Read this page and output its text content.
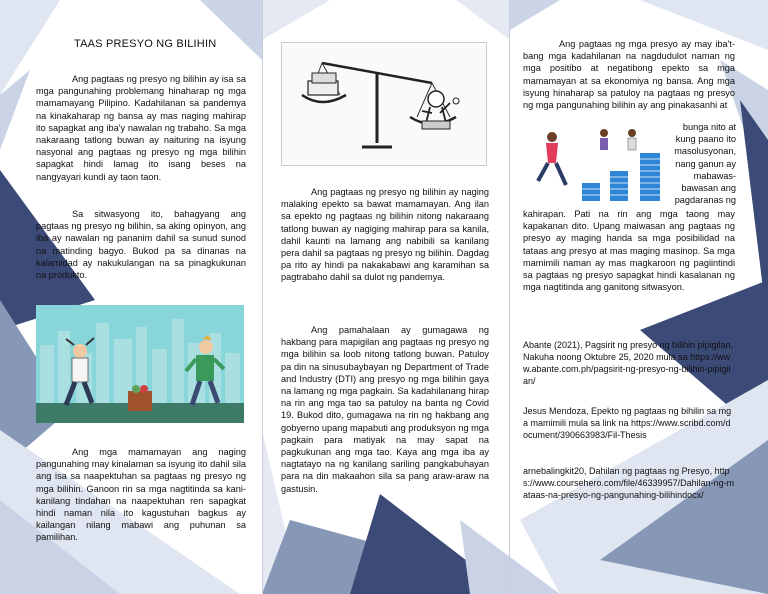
TAAS PRESYO NG BILIHIN

Ang pagtaas ng presyo ng bilihin ay isa sa mga pangunahing problemang hinaharap ng mga mamamayang Pilipino. Kadahilanan sa pandemya na kinakaharap ng bansa ay mas naging mahirap ito sapagkat ang iba'y nawalan ng trabaho. Sa mga nakaraang tatlong buwan ay naituring na isyung nasyonal ang pagtaas ng presyo ng mga bilihin sapagkat hindi lamag ito isang beses na nangyayari kundi ay taon taon.

Sa sitwasyong ito, bahagyang ang pagtaas ng presyo ng bilihin, sa aking opinyon, ang iba ay nawalan ng pananim dahil sa sunud sunod na matinding bagyo. Bukod pa sa dinanas na kalamidad ay nakukulangan na sa pinagkukunan na produkto.

Ang mga mamamayan ang naging pangunahing may kinalaman sa isyung ito dahil sila ang isa sa naapektuhan sa pagtaas ng presyo ng mga bilihin. Ganoon rin sa mga nagtitinda sa kani-kanilang tindahan na naapektuhan ren sapagkat hindi naman nila ito kagustuhan bagkus ay kailangan nilang mabawi ang puhunan sa pamilihan.

Ang pagtaas ng presyo ng bilihin ay naging malaking epekto sa bawat mamamayan. Ang ilan sa epekto ng pagtaas ng bilihin nitong nakaraang tatlong buwan ay nagiging mahirap para sa kanila, dahil kaunti na lamang ang nabibili sa kanilang pera dahil sa pagtaas ng presyo ng bilihin. Dagdag pa rito ay hindi pa nakakabawi ang karamihan sa pagtrabaho dahil sa dulot ng pandemya.

Ang pamahalaan ay gumagawa ng hakbang para mapigilan ang pagtaas ng presyo ng mga bilihin sa loob nitong tatlong buwan. Patuloy pa din na sinusubaybayan ng Department of Trade and Industry (DTI) ang presyo ng mga bilihin gaya na lamang ng mga pagkain. Sa kadahilanang hirap na rin ang mga tao sa patuloy na banta ng Covid 19. Bukod dito, gumagawa na rin ng hakbang ang gobyerno upang mapabuti ang produksyon ng mga pagkain para matiyak na may sapat na pagkukunan ang mga tao. Kaya ang mga iba ay nagtatayo na ng kanilang sariling pangkabuhayan para na din makaahon sila sa pang araw-araw na gastusin.

Ang pagtaas ng mga presyo ay may iba't-bang mga kadahilanan na nagdudulot naman ng mga positibo at negatibong epekto sa mga mamamayan at sa ekonomiya ng bansa. Ang mga isyung hinaharap sa patuloy na pagtaas ng presyo ng mga pangunahing bilihin ay ang pinakasanhi at

bunga nito at
kung paano ito
masolusyonan,
nang ganun ay
mabawas-
bawasan ang
pagdaranas ng

kahirapan. Pati na rin ang mga taong may kapakanan dito. Upang maiwasan ang pagtaas ng presyo ay maging handa sa mga posibilidad na tataas ang presyo at mas maging masinop. Sa mga mamimili naman ay mas magkaroon ng pagiintindi sa pagtaas ng presyo sapagkat hindi kasalanan ng mga nagtitinda ang ganitong sitwasyon.

Abante (2021), Pagsirit ng presyo ng bilihin pipigilan, Nakuha noong Oktubre 25, 2020 mula sa https://www.abante.com.ph/pagsirit-ng-presyo-ng-bilihin-pipigilan/

Jesus Mendoza, Epekto ng pagtaas ng bihilin sa mga mamimili mula sa link na https://www.scribd.com/document/390663983/Fil-Thesis

arnebalingkit20, Dahilan ng pagtaas ng Presyo, https://www.coursehero.com/file/46339957/Dahilan-ng-mataas-na-presyo-ng-pangunahing-bilihindocx/
